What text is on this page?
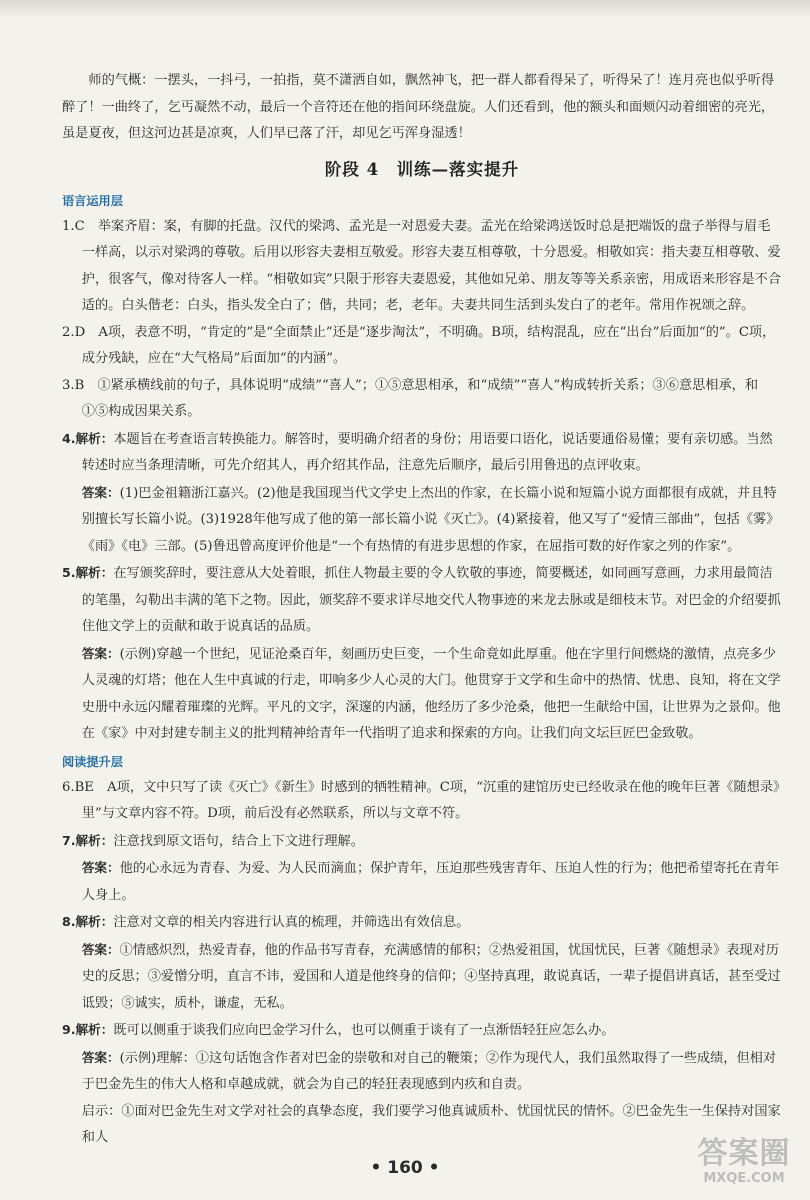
师的气概：一摆头，一抖弓，一拍指，莫不潇洒自如，飘然神飞，把一群人都看得呆了，听得呆了！连月亮也似乎听得醉了！一曲终了，乞丐凝然不动，最后一个音符还在他的指间环绕盘旋。人们还看到，他的额头和面颊闪动着细密的亮光，虽是夏夜，但这河边甚是凉爽，人们早已落了汗，却见乞丐浑身湿透！

阶段 4　训练—落实提升
语言运用层

1.C　举案齐眉：案，有脚的托盘。汉代的梁鸿、孟光是一对恩爱夫妻。孟光在给梁鸿送饭时总是把端饭的盘子举得与眉毛一样高，以示对梁鸿的尊敬。后用以形容夫妻相互敬爱。形容夫妻互相尊敬，十分恩爱。相敬如宾：指夫妻互相尊敬、爱护，很客气，像对待客人一样。“相敬如宾”只限于形容夫妻恩爱，其他如兄弟、朋友等等关系亲密，用成语来形容是不合适的。白头偕老：白头，指头发全白了；偕，共同；老，老年。夫妻共同生活到头发白了的老年。常用作祝颂之辞。

2.D　A项，表意不明，“肯定的”是“全面禁止”还是“逐步淘汰”，不明确。B项，结构混乱，应在“出台”后面加“的”。C项，成分残缺，应在“大气格局”后面加“的内涵”。

3.B　①紧承横线前的句子，具体说明“成绩”“喜人”；①⑤意思相承，和“成绩”“喜人”构成转折关系；③⑥意思相承，和①⑤构成因果关系。

4.解析：本题旨在考查语言转换能力。解答时，要明确介绍者的身份；用语要口语化，说话要通俗易懂；要有亲切感。当然转述时应当条理清晰，可先介绍其人，再介绍其作品，注意先后顺序，最后引用鲁迅的点评收束。

答案：(1)巴金祖籍浙江嘉兴。(2)他是我国现当代文学史上杰出的作家，在长篇小说和短篇小说方面都很有成就，并且特别擅长写长篇小说。(3)1928年他写成了他的第一部长篇小说《灭亡》。(4)紧接着，他又写了“爱情三部曲”，包括《雾》《雨》《电》三部。(5)鲁迅曾高度评价他是“一个有热情的有进步思想的作家，在屈指可数的好作家之列的作家”。

5.解析：在写颁奖辞时，要注意从大处着眼，抓住人物最主要的令人钦敬的事迹，简要概述，如同画写意画，力求用最简洁的笔墨，勾勒出丰满的笔下之物。因此，颁奖辞不要求详尽地交代人物事迹的来龙去脉或是细枝末节。对巴金的介绍要抓住他文学上的贡献和敢于说真话的品质。

答案：(示例)穿越一个世纪，见证沧桑百年，刻画历史巨变，一个生命竟如此厚重。他在字里行间燃烧的激情，点亮多少人灵魂的灯塔；他在人生中真诚的行走，叩响多少人心灵的大门。他贯穿于文学和生命中的热情、忧患、良知，将在文学史册中永远闪耀着璀璨的光辉。平凡的文字，深邃的内涵，他经历了多少沧桑，他把一生献给中国，让世界为之景仰。他在《家》中对封建专制主义的批判精神给青年一代指明了追求和探索的方向。让我们向文坛巨匠巴金致敬。

阅读提升层

6.BE　A项，文中只写了读《灭亡》《新生》时感到的牺牲精神。C项，“沉重的建馆历史已经收录在他的晚年巨著《随想录》里”与文章内容不符。D项，前后没有必然联系，所以与文章不符。

7.解析：注意找到原文语句，结合上下文进行理解。

答案：他的心永远为青春、为爱、为人民而滴血；保护青年，压迫那些残害青年、压迫人性的行为；他把希望寄托在青年人身上。

8.解析：注意对文章的相关内容进行认真的梳理，并筛选出有效信息。

答案：①情感炽烈，热爱青春，他的作品书写青春，充满感情的郁积；②热爱祖国，忧国忧民，巨著《随想录》表现对历史的反思；③爱憎分明，直言不讳，爱国和人道是他终身的信仰；④坚持真理，敢说真话，一辈子提倡讲真话，甚至受过诋毁；⑤诚实，质朴，谦虚，无私。

9.解析：既可以侧重于谈我们应向巴金学习什么，也可以侧重于谈有了一点渐悟轻狂应怎么办。

答案：(示例)理解：①这句话饱含作者对巴金的崇敬和对自己的鞭策；②作为现代人，我们虽然取得了一些成绩，但相对于巴金先生的伟大人格和卓越成就，就会为自己的轻狂表现感到内疚和自责。

启示：①面对巴金先生对文学对社会的真挚态度，我们要学习他真诚质朴、忧国忧民的情怀。②巴金先生一生保持对国家和人

• 160 •	答案圈
MXQE.COM
